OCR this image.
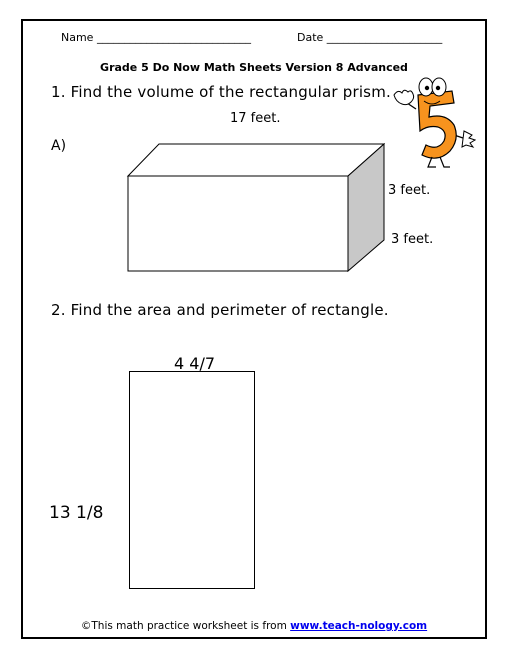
Name ____________________________	Date _____________________
Grade 5 Do Now Math Sheets Version 8 Advanced
1. Find the volume of the rectangular prism.
17 feet.
A)
3 feet.
3 feet.
2. Find the area and perimeter of rectangle.
4 4/7
13 1/8
©This math practice worksheet is from www.teach-nology.com
